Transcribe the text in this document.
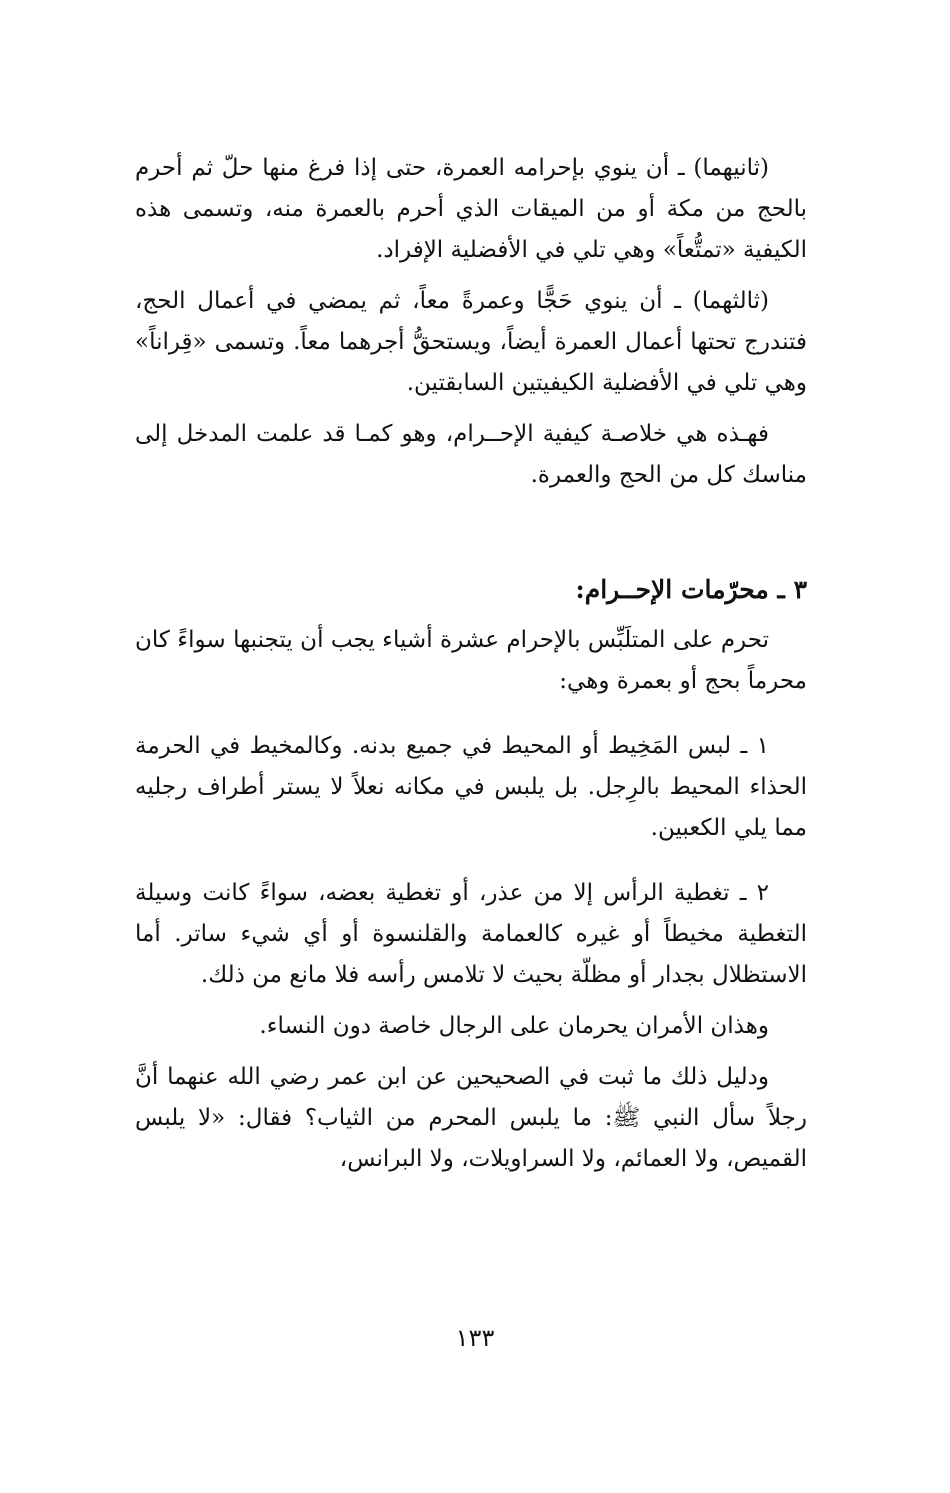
(ثانيهما) ـ أن ينوي بإحرامه العمرة، حتى إذا فرغ منها حلّ ثم أحرم بالحج من مكة أو من الميقات الذي أحرم بالعمرة منه، وتسمى هذه الكيفية «تمتُّعاً» وهي تلي في الأفضلية الإفراد.

(ثالثهما) ـ أن ينوي حَجًّا وعمرةً معاً، ثم يمضي في أعمال الحج، فتندرج تحتها أعمال العمرة أيضاً، ويستحقُّ أجرهما معاً. وتسمى «قِراناً» وهي تلي في الأفضلية الكيفيتين السابقتين.

فهـذه هي خلاصـة كيفية الإحــرام، وهو كمـا قد علمت المدخل إلى مناسك كل من الحج والعمرة.

٣ ـ محرّمات الإحــرام:

تحرم على المتلَبِّس بالإحرام عشرة أشياء يجب أن يتجنبها سواءً كان محرماً بحج أو بعمرة وهي:

١ ـ لبس المَخِيط أو المحيط في جميع بدنه. وكالمخيط في الحرمة الحذاء المحيط بالرِجل. بل يلبس في مكانه نعلاً لا يستر أطراف رجليه مما يلي الكعبين.

٢ ـ تغطية الرأس إلا من عذر، أو تغطية بعضه، سواءً كانت وسيلة التغطية مخيطاً أو غيره كالعمامة والقلنسوة أو أي شيء ساتر. أما الاستظلال بجدار أو مظلّة بحيث لا تلامس رأسه فلا مانع من ذلك.

وهذان الأمران يحرمان على الرجال خاصة دون النساء.

ودليل ذلك ما ثبت في الصحيحين عن ابن عمر رضي الله عنهما أنَّ رجلاً سأل النبي ﷺ: ما يلبس المحرم من الثياب؟ فقال: «لا يلبس القميص، ولا العمائم، ولا السراويلات، ولا البرانس،

١٣٣
